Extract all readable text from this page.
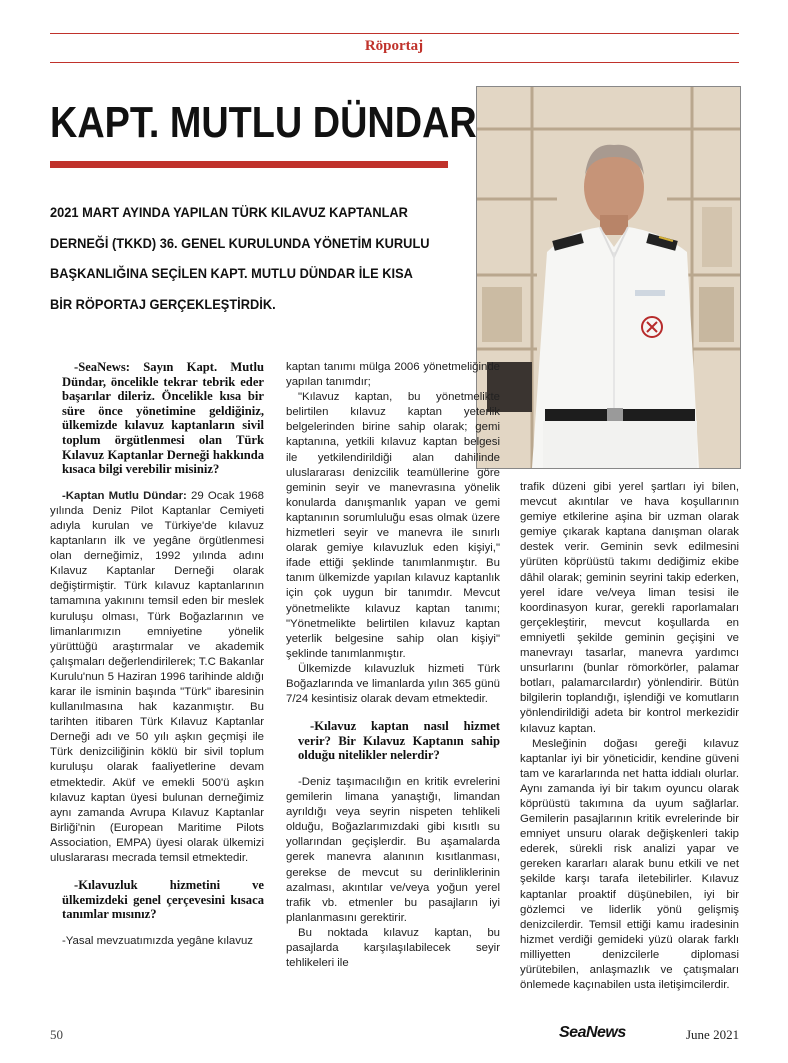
Röportaj
KAPT. MUTLU DÜNDAR
2021 MART AYINDA YAPILAN TÜRK KILAVUZ KAPTANLAR DERNEĞİ (TKKD) 36. GENEL KURULUNDA YÖNETİM KURULU BAŞKANLIĞINA SEÇİLEN KAPT. MUTLU DÜNDAR İLE KISA BİR RÖPORTAJ GERÇEKLEŞTİRDİK.

-SeaNews: Sayın Kapt. Mutlu Dündar, öncelikle tekrar tebrik eder başarılar dileriz. Öncelikle kısa bir süre önce yönetimine geldiğiniz, ülkemizde kılavuz kaptanların sivil toplum örgütlenmesi olan Türk Kılavuz Kaptanlar Derneği hakkında kısaca bilgi verebilir misiniz?

-Kaptan Mutlu Dündar: 29 Ocak 1968 yılında Deniz Pilot Kaptanlar Cemiyeti adıyla kurulan ve Türkiye'de kılavuz kaptanların ilk ve yegâne örgütlenmesi olan derneğimiz, 1992 yılında adını Kılavuz Kaptanlar Derneği olarak değiştirmiştir. Türk kılavuz kaptanlarının tamamına yakınını temsil eden bir meslek kuruluşu olması, Türk Boğazlarının ve limanlarımızın emniyetine yönelik yürüttüğü araştırmalar ve akademik çalışmaları değerlendirilerek; T.C Bakanlar Kurulu'nun 5 Haziran 1996 tarihinde aldığı karar ile isminin başında "Türk" ibaresinin kullanılmasına hak kazanmıştır. Bu tarihten itibaren Türk Kılavuz Kaptanlar Derneği adı ve 50 yılı aşkın geçmişi ile Türk denizciliğinin köklü bir sivil toplum kuruluşu olarak faaliyetlerine devam etmektedir. Aküf ve emekli 500'ü aşkın kılavuz kaptan üyesi bulunan derneğimiz aynı zamanda Avrupa Kılavuz Kaptanlar Birliği'nin (European Maritime Pilots Association, EMPA) üyesi olarak ülkemizi uluslararası mecrada temsil etmektedir.

-Kılavuzluk hizmetini ve ülkemizdeki genel çerçevesini kısaca tanımlar mısınız?

-Yasal mevzuatımızda yegâne kılavuz

kaptan tanımı mülga 2006 yönetmeliğinde yapılan tanımdır;

"Kılavuz kaptan, bu yönetmelikte belirtilen kılavuz kaptan yeterlik belgelerinden birine sahip olarak; gemi kaptanına, yetkili kılavuz kaptan belgesi ile yetkilendirildiği alan dahilinde uluslararası denizcilik teamüllerine göre geminin seyir ve manevrasına yönelik konularda danışmanlık yapan ve gemi kaptanının sorumluluğu esas olmak üzere hizmetleri seyir ve manevra ile sınırlı olarak gemiye kılavuzluk eden kişiyi," ifade ettiği şeklinde tanımlanmıştır. Bu tanım ülkemizde yapılan kılavuz kaptanlık için çok uygun bir tanımdır. Mevcut yönetmelikte kılavuz kaptan tanımı; "Yönetmelikte belirtilen kılavuz kaptan yeterlik belgesine sahip olan kişiyi" şeklinde tanımlanmıştır.

Ülkemizde kılavuzluk hizmeti Türk Boğazlarında ve limanlarda yılın 365 günü 7/24 kesintisiz olarak devam etmektedir.

-Kılavuz kaptan nasıl hizmet verir? Bir Kılavuz Kaptanın sahip olduğu nitelikler nelerdir?

-Deniz taşımacılığın en kritik evrelerini gemilerin limana yanaştığı, limandan ayrıldığı veya seyrin nispeten tehlikeli olduğu, Boğazlarımızdaki gibi kısıtlı su yollarından geçişlerdir. Bu aşamalarda gerek manevra alanının kısıtlanması, gerekse de mevcut su derinliklerinin azalması, akıntılar ve/veya yoğun yerel trafik vb. etmenler bu pasajların iyi planlanmasını gerektirir.

Bu noktada kılavuz kaptan, bu pasajlarda karşılaşılabilecek seyir tehlikeleri ile

trafik düzeni gibi yerel şartları iyi bilen, mevcut akıntılar ve hava koşullarının gemiye etkilerine aşina bir uzman olarak gemiye çıkarak kaptana danışman olarak destek verir. Geminin sevk edilmesini yürüten köprüüstü takımı dediğimiz ekibe dâhil olarak; geminin seyrini takip ederken, yerel idare ve/veya liman tesisi ile koordinasyon kurar, gerekli raporlamaları gerçekleştirir, mevcut koşullarda en emniyetli şekilde geminin geçişini ve manevrayı tasarlar, manevra yardımcı unsurlarını (bunlar römorkörler, palamar botları, palamarcılardır) yönlendirir. Bütün bilgilerin toplandığı, işlendiği ve komutların yönlendirildiği adeta bir kontrol merkezidir kılavuz kaptan.

Mesleğinin doğası gereği kılavuz kaptanlar iyi bir yöneticidir, kendine güveni tam ve kararlarında net hatta iddialı olurlar. Aynı zamanda iyi bir takım oyuncu olarak köprüüstü takımına da uyum sağlarlar. Gemilerin pasajlarının kritik evrelerinde bir emniyet unsuru olarak değişkenleri takip ederek, sürekli risk analizi yapar ve gereken kararları alarak bunu etkili ve net şekilde karşı tarafa iletebilirler. Kılavuz kaptanlar proaktif düşünebilen, iyi bir gözlemci ve liderlik yönü gelişmiş denizcilerdir. Temsil ettiği kamu iradesinin hizmet verdiği gemideki yüzü olarak farklı milliyetten denizcilerle diplomasi yürütebilen, anlaşmazlık ve çatışmaları önlemede kaçınabilen usta iletişimcilerdir.

50	SeaNews	June 2021
